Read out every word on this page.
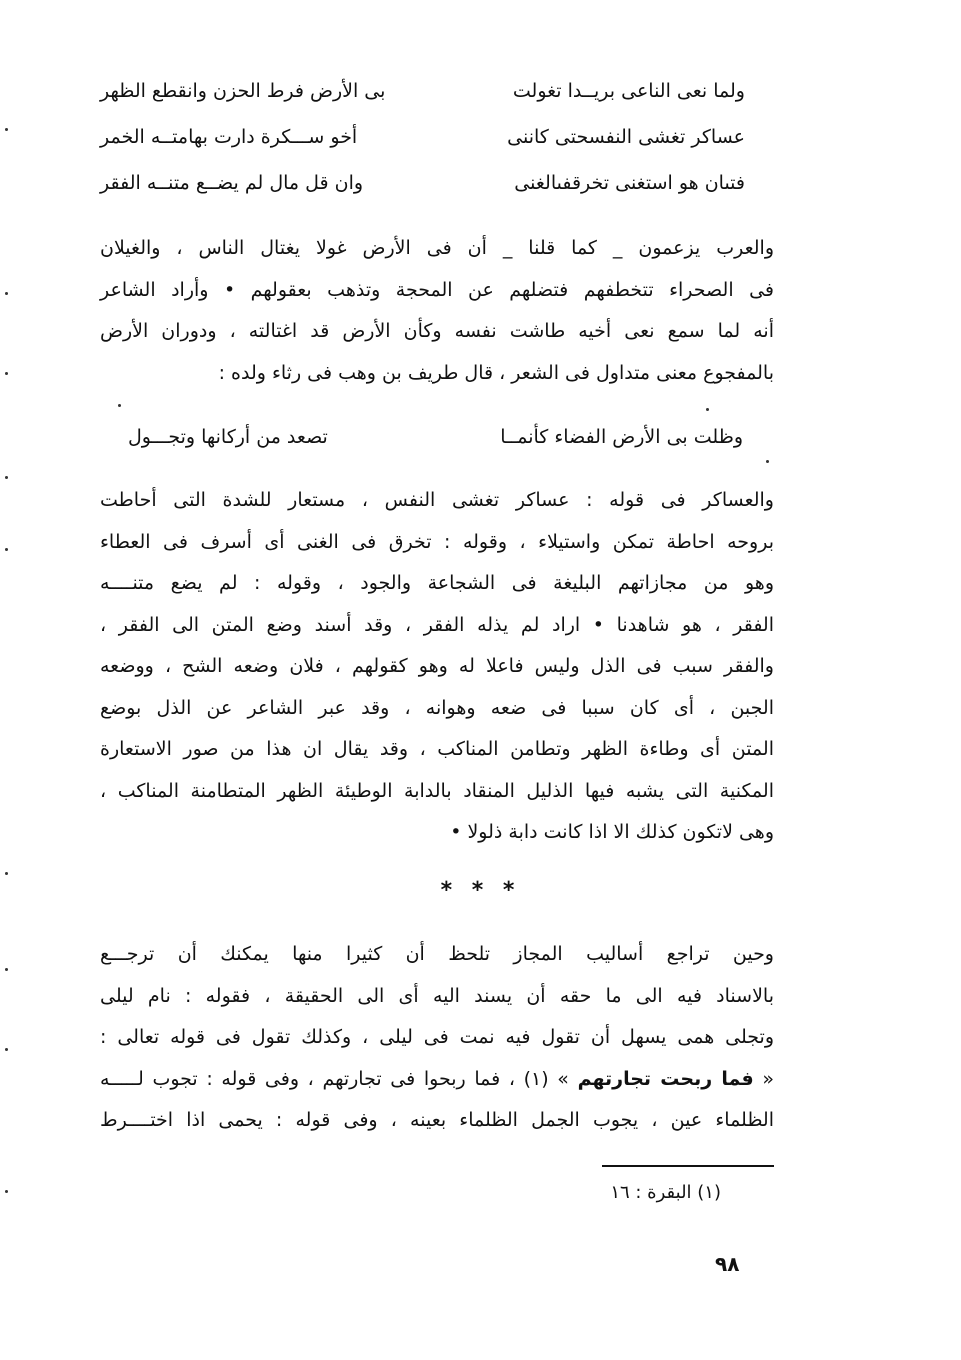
ولما نعى الناعى بريــدا تغولت
بى الأرض فرط الحزن وانقطع الظهر
عساكر تغشى النفسحتى كاننى
أخو ســـكرة دارت بهامتــه الخمر
فتىان هو استغنى تخرقفىالغنى
وان قل مال لم يضــع متنــه الفقر
والعرب يزعمون _ كما قلنا _ أن فى الأرض غولا يغتال الناس ، والغيلان
فى الصحراء تتخطفهم فتضلهم عن المحجة وتذهب بعقولهم • وأراد الشاعر
أنه لما سمع نعى أخيه طاشت نفسه وكأن الأرض قد اغتالته ، ودوران الأرض
بالمفجوع معنى متداول فى الشعر ، قال طريف بن وهب فى رثاء ولده :
وظلت بى الأرض الفضاء كأنمــا
تصعد من أركانها وتجـــول
والعساكر فى قوله : عساكر تغشى النفس ، مستعار للشدة التى أحاطت
بروحه احاطة تمكن واستيلاء ، وقوله : تخرق فى الغنى أى أسرف فى العطاء
وهو من مجازاتهم البليغة فى الشجاعة والجود ، وقوله : لم يضع متنــــه
الفقر ، هو شاهدنا • اراد لم يذله الفقر ، وقد أسند وضع المتن الى الفقر ،
والفقر سبب فى الذل وليس فاعلا له وهو كقولهم ، فلان وضعه الشح ، ووضعه
الجبن ، أى كان سببا فى ضعه وهوانه ، وقد عبر الشاعر عن الذل بوضع
المتن أى وطاءة الظهر وتطامن المناكب ، وقد يقال ان هذا من صور الاستعارة
المكنية التى يشبه فيها الذليل المنقاد بالدابة الوطيئة الظهر المتطامنة المناكب ،
وهى لاتكون كذلك الا اذا كانت دابة ذلولا •
* * *
وحين تراجع أساليب المجاز تلحظ أن كثيرا منها يمكنك أن ترجـــع
بالاسناد فيه الى ما حقه أن يسند اليه أى الى الحقيقة ، فقوله : نام ليلى
وتجلى همى يسهل أن تقول فيه نمت فى ليلى ، وكذلك تقول فى قوله تعالى :
« فما ربحت تجارتهم » (١) ، فما ربحوا فى تجارتهم ، وفى قوله : تجوب لـــــه
الظلماء عين ، يجوب الجمل الظلماء بعينه ، وفى قوله : يحمى اذا اختــــرط
(١) البقرة : ١٦
٩٨
